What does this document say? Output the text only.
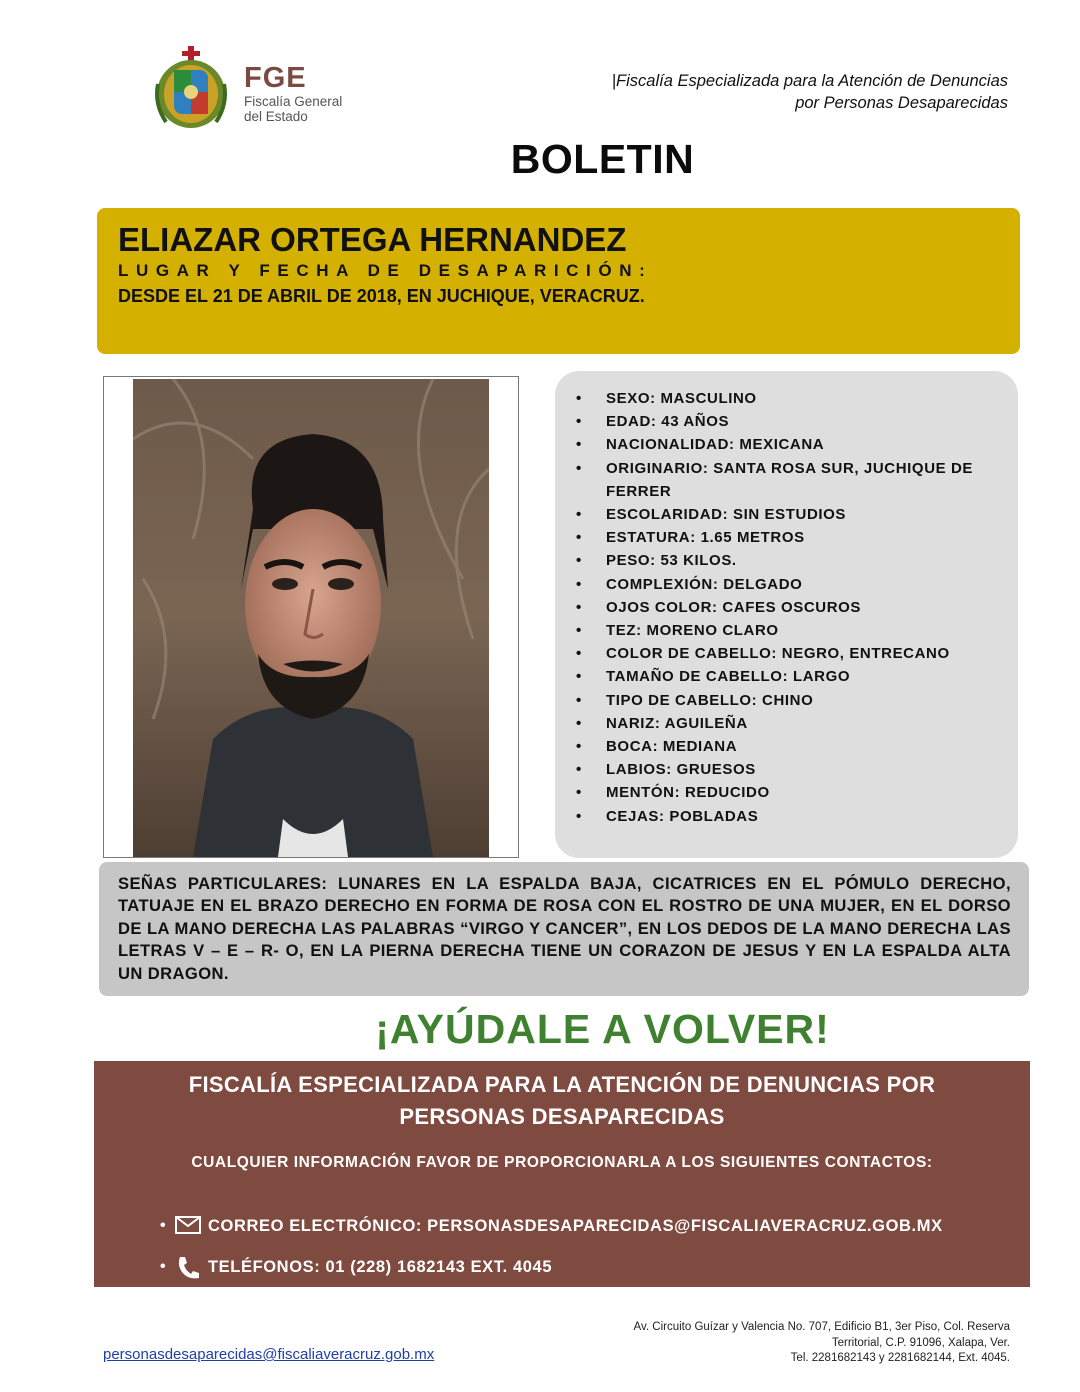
FGE
Fiscalía General
del Estado
|Fiscalía Especializada para la Atención de Denuncias
por Personas Desaparecidas
BOLETIN
ELIAZAR ORTEGA HERNANDEZ
LUGAR Y FECHA DE DESAPARICIÓN:
DESDE EL 21 DE ABRIL DE 2018, EN JUCHIQUE, VERACRUZ.
• SEXO: MASCULINO
• EDAD: 43 AÑOS
• NACIONALIDAD: MEXICANA
• ORIGINARIO: SANTA ROSA SUR, JUCHIQUE DE FERRER
• ESCOLARIDAD: SIN ESTUDIOS
• ESTATURA: 1.65 METROS
• PESO: 53 KILOS.
• COMPLEXIÓN: DELGADO
• OJOS COLOR: CAFES OSCUROS
• TEZ: MORENO CLARO
• COLOR DE CABELLO: NEGRO, ENTRECANO
• TAMAÑO DE CABELLO: LARGO
• TIPO DE CABELLO: CHINO
• NARIZ: AGUILEÑA
• BOCA: MEDIANA
• LABIOS: GRUESOS
• MENTÓN: REDUCIDO
• CEJAS: POBLADAS
SEÑAS PARTICULARES: LUNARES EN LA ESPALDA BAJA, CICATRICES EN EL PÓMULO DERECHO, TATUAJE EN EL BRAZO DERECHO EN FORMA DE ROSA CON EL ROSTRO DE UNA MUJER, EN EL DORSO DE LA MANO DERECHA LAS PALABRAS “VIRGO Y CANCER”, EN LOS DEDOS DE LA MANO DERECHA LAS LETRAS V – E – R- O, EN LA PIERNA DERECHA TIENE UN CORAZON DE JESUS Y EN LA ESPALDA ALTA UN DRAGON.
¡AYÚDALE A VOLVER!
FISCALÍA ESPECIALIZADA PARA LA ATENCIÓN DE DENUNCIAS POR
PERSONAS DESAPARECIDAS
CUALQUIER INFORMACIÓN FAVOR DE PROPORCIONARLA A LOS SIGUIENTES CONTACTOS:
•	CORREO ELECTRÓNICO: PERSONASDESAPARECIDAS@FISCALIAVERACRUZ.GOB.MX
•	TELÉFONOS: 01 (228) 1682143 EXT. 4045
personasdesaparecidas@fiscaliaveracruz.gob.mx
Av. Circuito Guízar y Valencia No. 707, Edificio B1, 3er Piso, Col. Reserva
Territorial, C.P. 91096, Xalapa, Ver.
Tel. 2281682143 y 2281682144, Ext. 4045.
